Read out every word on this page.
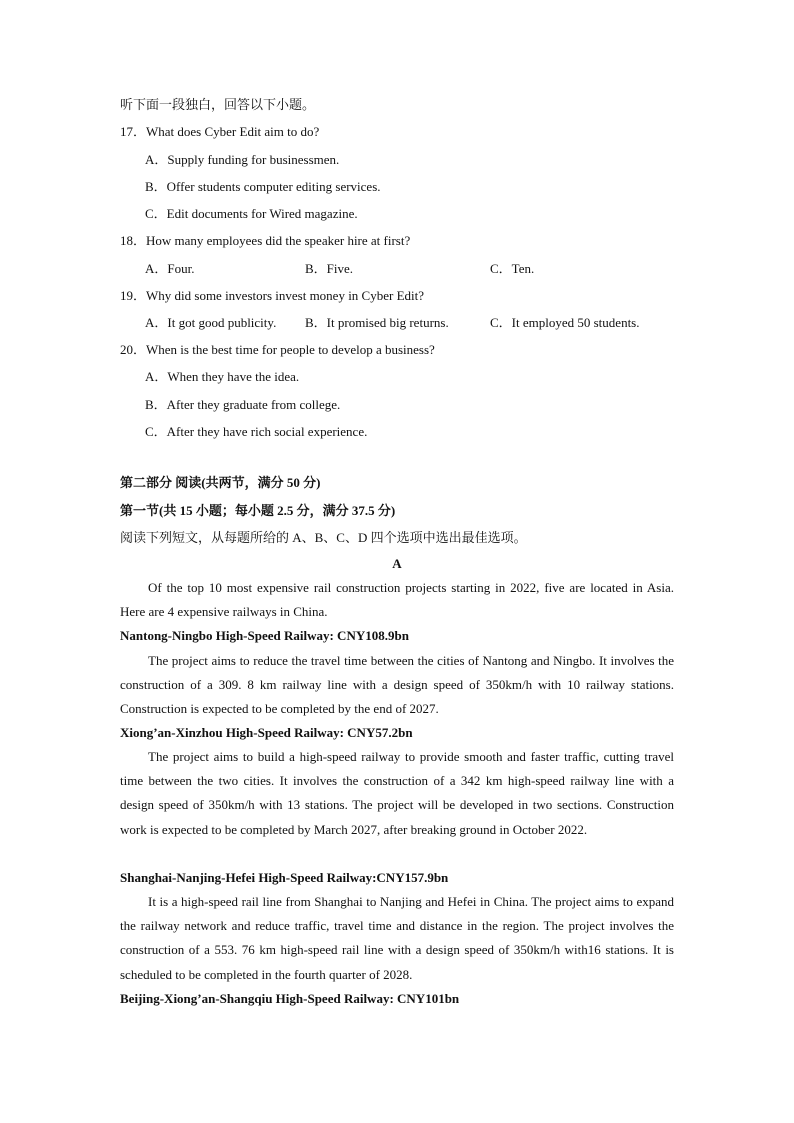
听下面一段独白，回答以下小题。
17．What does Cyber Edit aim to do?
A．Supply funding for businessmen.
B．Offer students computer editing services.
C．Edit documents for Wired magazine.
18．How many employees did the speaker hire at first?
A．Four.	B．Five.	C．Ten.
19．Why did some investors invest money in Cyber Edit?
A．It got good publicity. B．It promised big returns.	C．It employed 50 students.
20．When is the best time for people to develop a business?
A．When they have the idea.
B．After they graduate from college.
C．After they have rich social experience.
第二部分 阅读(共两节，满分 50 分)
第一节(共 15 小题；每小题 2.5 分，满分 37.5 分)
阅读下列短文，从每题所给的 A、B、C、D 四个选项中选出最佳选项。
A
Of the top 10 most expensive rail construction projects starting in 2022, five are located in Asia. Here are 4 expensive railways in China.
Nantong-Ningbo High-Speed Railway: CNY108.9bn
The project aims to reduce the travel time between the cities of Nantong and Ningbo. It involves the construction of a 309. 8 km railway line with a design speed of 350km/h with 10 railway stations. Construction is expected to be completed by the end of 2027.
Xiong’an-Xinzhou High-Speed Railway: CNY57.2bn
The project aims to build a high-speed railway to provide smooth and faster traffic, cutting travel time between the two cities. It involves the construction of a 342 km high-speed railway line with a design speed of 350km/h with 13 stations. The project will be developed in two sections. Construction work is expected to be completed by March 2027, after breaking ground in October 2022.
Shanghai-Nanjing-Hefei High-Speed Railway:CNY157.9bn
It is a high-speed rail line from Shanghai to Nanjing and Hefei in China. The project aims to expand the railway network and reduce traffic, travel time and distance in the region. The project involves the construction of a 553. 76 km high-speed rail line with a design speed of 350km/h with16 stations. It is scheduled to be completed in the fourth quarter of 2028.
Beijing-Xiong’an-Shangqiu High-Speed Railway: CNY101bn
